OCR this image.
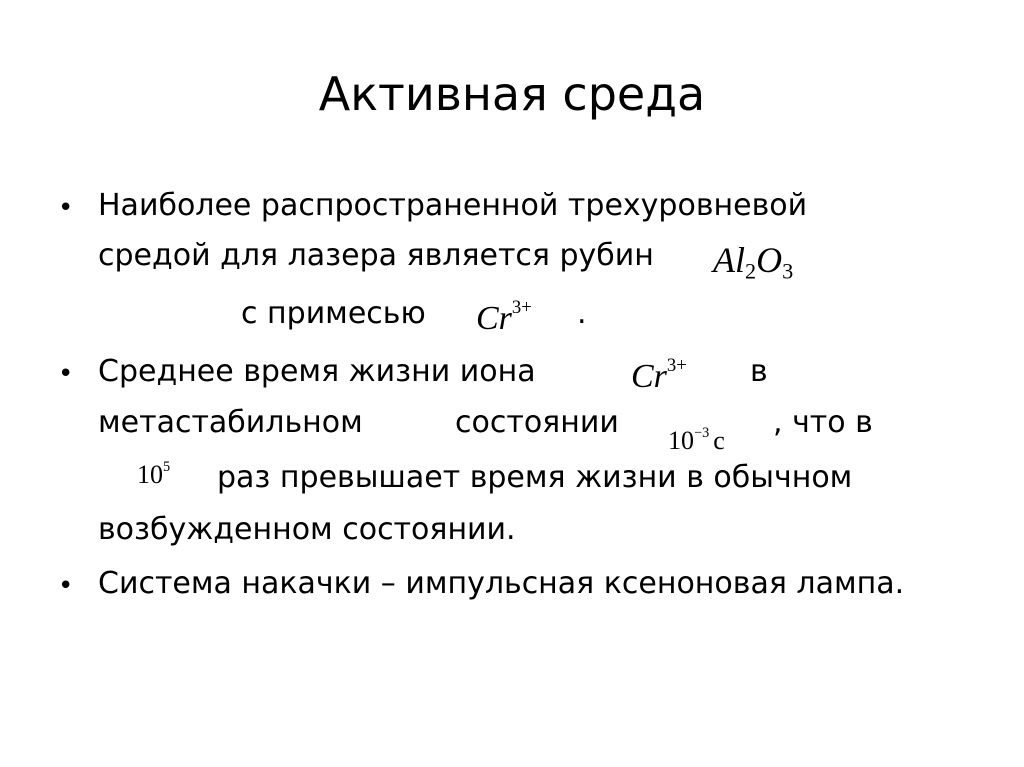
Активная среда
• Наиболее распространенной трехуровневой
средой для лазера является рубин $Al_2O_3$
с примесью $Cr^{3+}$ .
• Среднее время жизни иона	$Cr^{3+}$ в
метастабильном	состоянии
$10^{-3}$ с
, что в
$10^5$ раз превышает время жизни в обычном
возбужденном состоянии.
• Система накачки – импульсная ксеноновая лампа.
